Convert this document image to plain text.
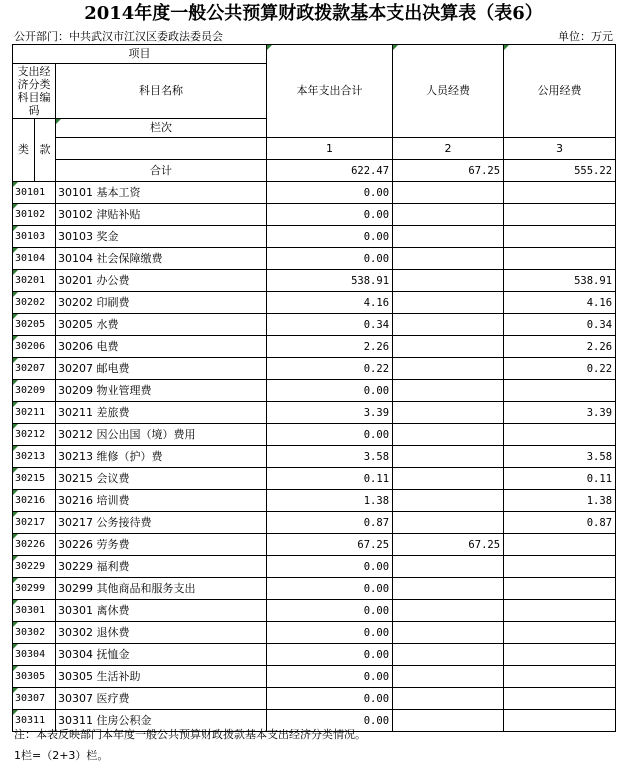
2014年度一般公共预算财政拨款基本支出决算表（表6）
公开部门：中共武汉市江汉区委政法委员会	单位：万元
项目			本年支出合计	人员经费	公用经费
支出经济分类科目编码		科目名称			

类	款	栏次			
			1	2	3
		合计	622.47	67.25	555.22
30101		30101 基本工资	0.00		
30102		30102 津贴补贴	0.00		
30103		30103 奖金	0.00		
30104		30104 社会保障缴费	0.00		
30201		30201 办公费	538.91		538.91
30202		30202 印刷费	4.16		4.16
30205		30205 水费	0.34		0.34
30206		30206 电费	2.26		2.26
30207		30207 邮电费	0.22		0.22
30209		30209 物业管理费	0.00		
30211		30211 差旅费	3.39		3.39
30212		30212 因公出国（境）费用	0.00		
30213		30213 维修（护）费	3.58		3.58
30215		30215 会议费	0.11		0.11
30216		30216 培训费	1.38		1.38
30217		30217 公务接待费	0.87		0.87
30226		30226 劳务费	67.25	67.25	
30229		30229 福利费	0.00		
30299		30299 其他商品和服务支出	0.00		
30301		30301 离休费	0.00		
30302		30302 退休费	0.00		
30304		30304 抚恤金	0.00		
30305		30305 生活补助	0.00		
30307		30307 医疗费	0.00		
30311		30311 住房公积金	0.00		
注：本表反映部门本年度一般公共预算财政拨款基本支出经济分类情况。
1栏=（2+3）栏。
